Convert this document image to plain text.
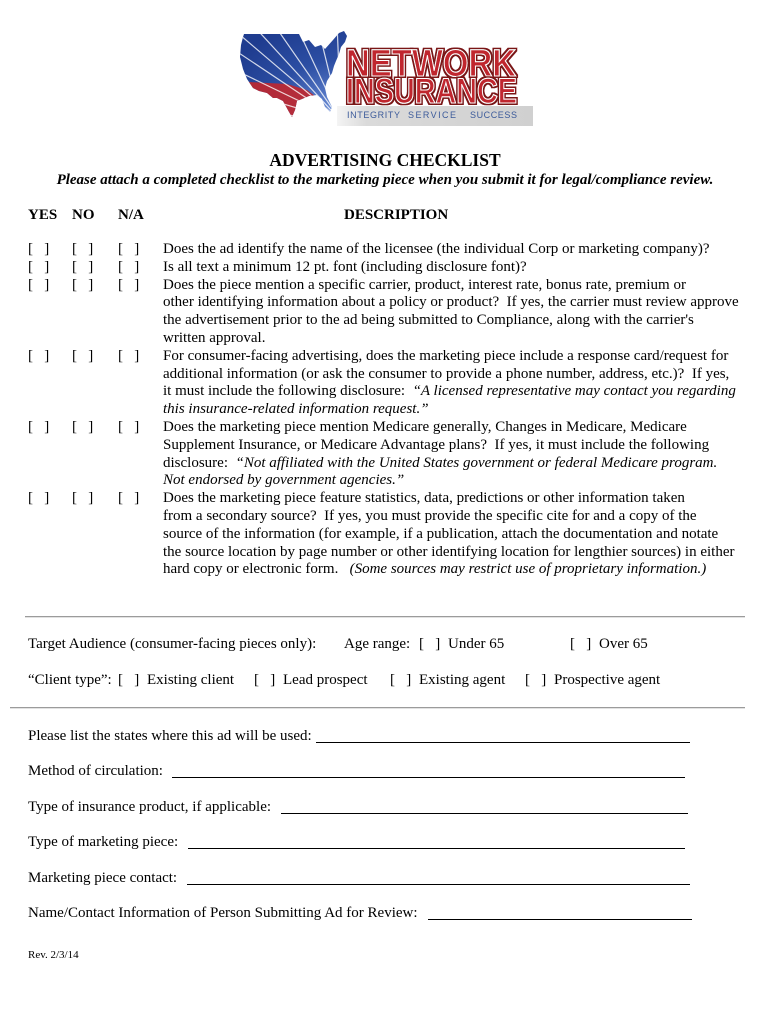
NETWORK
INSURANCE
INTEGRITY SERVICE SUCCESS
ADVERTISING CHECKLIST
Please attach a completed checklist to the marketing piece when you submit it for legal/compliance review.
YES NO N/A	DESCRIPTION
[   ] [   ] [   ] Does the ad identify the name of the licensee (the individual Corp or marketing company)?
[   ] [   ] [   ] Is all text a minimum 12 pt. font (including disclosure font)?
[   ] [   ] [   ] Does the piece mention a specific carrier, product, interest rate, bonus rate, premium or
other identifying information about a policy or product?  If yes, the carrier must review approve
the advertisement prior to the ad being submitted to Compliance, along with the carrier's
written approval.
[   ] [   ] [   ] For consumer-facing advertising, does the marketing piece include a response card/request for
additional information (or ask the consumer to provide a phone number, address, etc.)?  If yes,
it must include the following disclosure:  “A licensed representative may contact you regarding
this insurance-related information request.”
[   ] [   ] [   ] Does the marketing piece mention Medicare generally, Changes in Medicare, Medicare
Supplement Insurance, or Medicare Advantage plans?  If yes, it must include the following
disclosure:  “Not affiliated with the United States government or federal Medicare program.
Not endorsed by government agencies.”
[   ] [   ] [   ] Does the marketing piece feature statistics, data, predictions or other information taken
from a secondary source?  If yes, you must provide the specific cite for and a copy of the
source of the information (for example, if a publication, attach the documentation and notate
the source location by page number or other identifying location for lengthier sources) in either
hard copy or electronic form.   (Some sources may restrict use of proprietary information.)
Target Audience (consumer-facing pieces only): Age range: [   ] Under 65	[   ] Over 65
“Client type”: [   ] Existing client [   ] Lead prospect [   ] Existing agent [   ] Prospective agent
Please list the states where this ad will be used:
Method of circulation:
Type of insurance product, if applicable:
Type of marketing piece:
Marketing piece contact:
Name/Contact Information of Person Submitting Ad for Review:
Rev. 2/3/14
